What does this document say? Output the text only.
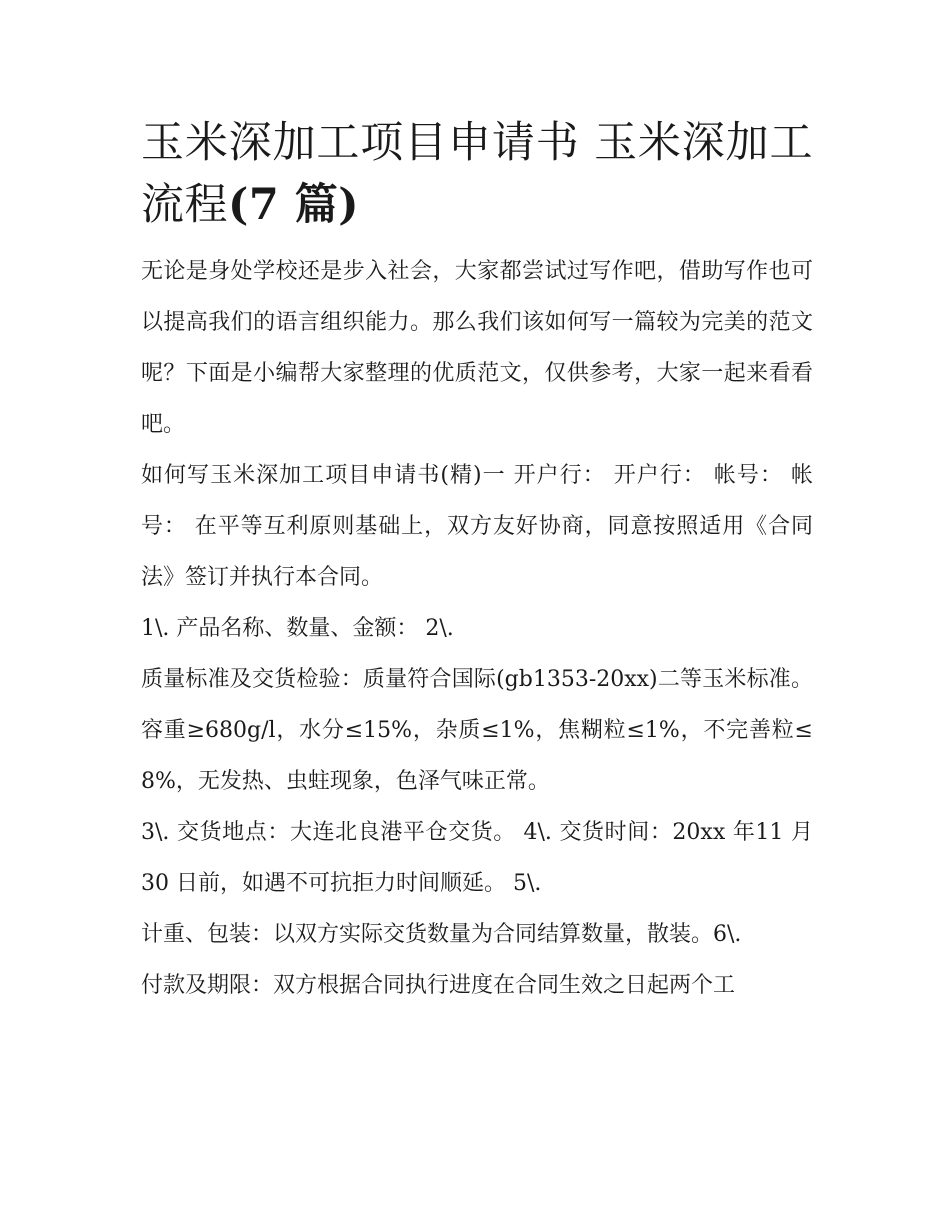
玉米深加工项目申请书 玉米深加工流程(7 篇)

无论是身处学校还是步入社会，大家都尝试过写作吧，借助写作也可以提高我们的语言组织能力。那么我们该如何写一篇较为完美的范文呢？下面是小编帮大家整理的优质范文，仅供参考，大家一起来看看吧。

如何写玉米深加工项目申请书(精)一 开户行： 开户行： 帐号： 帐 号： 在平等互利原则基础上，双方友好协商，同意按照适用《合同法》签订并执行本合同。

1\. 产品名称、数量、金额： 2\.

质量标准及交货检验：质量符合国际(gb1353-20xx)二等玉米标准。容重≥680g/l，水分≤15%，杂质≤1%，焦糊粒≤1%，不完善粒≤8%，无发热、虫蛀现象，色泽气味正常。

3\. 交货地点：大连北良港平仓交货。 4\. 交货时间：20xx 年11 月 30 日前，如遇不可抗拒力时间顺延。 5\.

计重、包装：以双方实际交货数量为合同结算数量，散装。6\.

付款及期限：双方根据合同执行进度在合同生效之日起两个工
